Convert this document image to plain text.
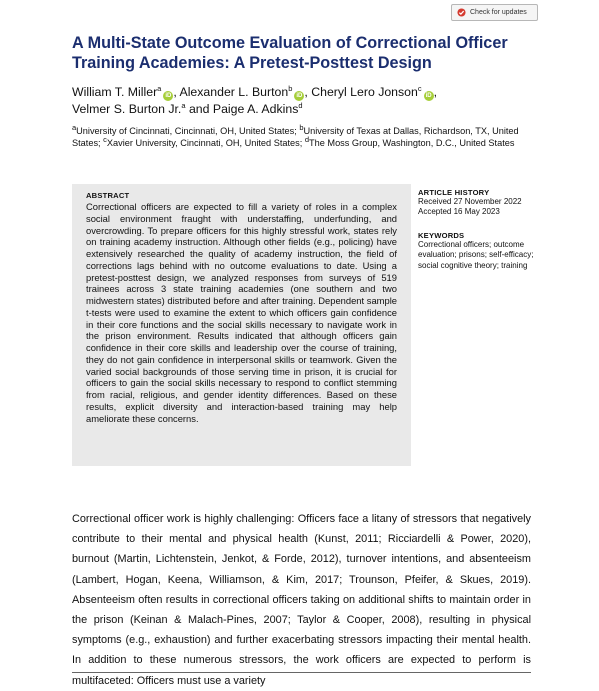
Check for updates
A Multi-State Outcome Evaluation of Correctional Officer Training Academies: A Pretest-Posttest Design
William T. Miller$^a$iD , Alexander L. Burton$^b$iD , Cheryl Lero Jonson$^c$iD ,
Velmer S. Burton Jr.$^a$ and Paige A. Adkins$^d$
$^a$University of Cincinnati, Cincinnati, OH, United States; $^b$University of Texas at Dallas, Richardson, TX, United States; $^c$Xavier University, Cincinnati, OH, United States; $^d$The Moss Group, Washington, D.C., United States

ABSTRACT

Correctional officers are expected to fill a variety of roles in a complex social environment fraught with understaffing, underfunding, and overcrowding. To prepare officers for this highly stressful work, states rely on training academy instruction. Although other fields (e.g., policing) have extensively researched the quality of academy instruction, the field of corrections lags behind with no outcome evaluations to date. Using a pretest-posttest design, we analyzed responses from surveys of 519 trainees across 3 state training academies (one southern and two midwestern states) distributed before and after training. Dependent sample t-tests were used to examine the extent to which officers gain confidence in their core functions and the social skills necessary to navigate work in the prison environment. Results indicated that although officers gain confidence in their core skills and leadership over the course of training, they do not gain confidence in interpersonal skills or teamwork. Given the varied social backgrounds of those serving time in prison, it is crucial for officers to gain the social skills necessary to respond to conflict stemming from racial, religious, and gender identity differences. Based on these results, explicit diversity and interaction-based training may help ameliorate these concerns.

ARTICLE HISTORY

Received 27 November 2022

Accepted 16 May 2023

KEYWORDS

Correctional officers; outcome evaluation; prisons; self-efficacy; social cognitive theory; training

Correctional officer work is highly challenging: Officers face a litany of stressors that negatively contribute to their mental and physical health (Kunst, 2011; Ricciardelli & Power, 2020), burnout (Martin, Lichtenstein, Jenkot, & Forde, 2012), turnover intentions, and absenteeism (Lambert, Hogan, Keena, Williamson, & Kim, 2017; Trounson, Pfeifer, & Skues, 2019). Absenteeism often results in correctional officers taking on additional shifts to maintain order in the prison (Keinan & Malach-Pines, 2007; Taylor & Cooper, 2008), resulting in physical symptoms (e.g., exhaustion) and further exacerbating stressors impacting their mental health. In addition to these numerous stressors, the work officers are expected to perform is multifaceted: Officers must use a variety
